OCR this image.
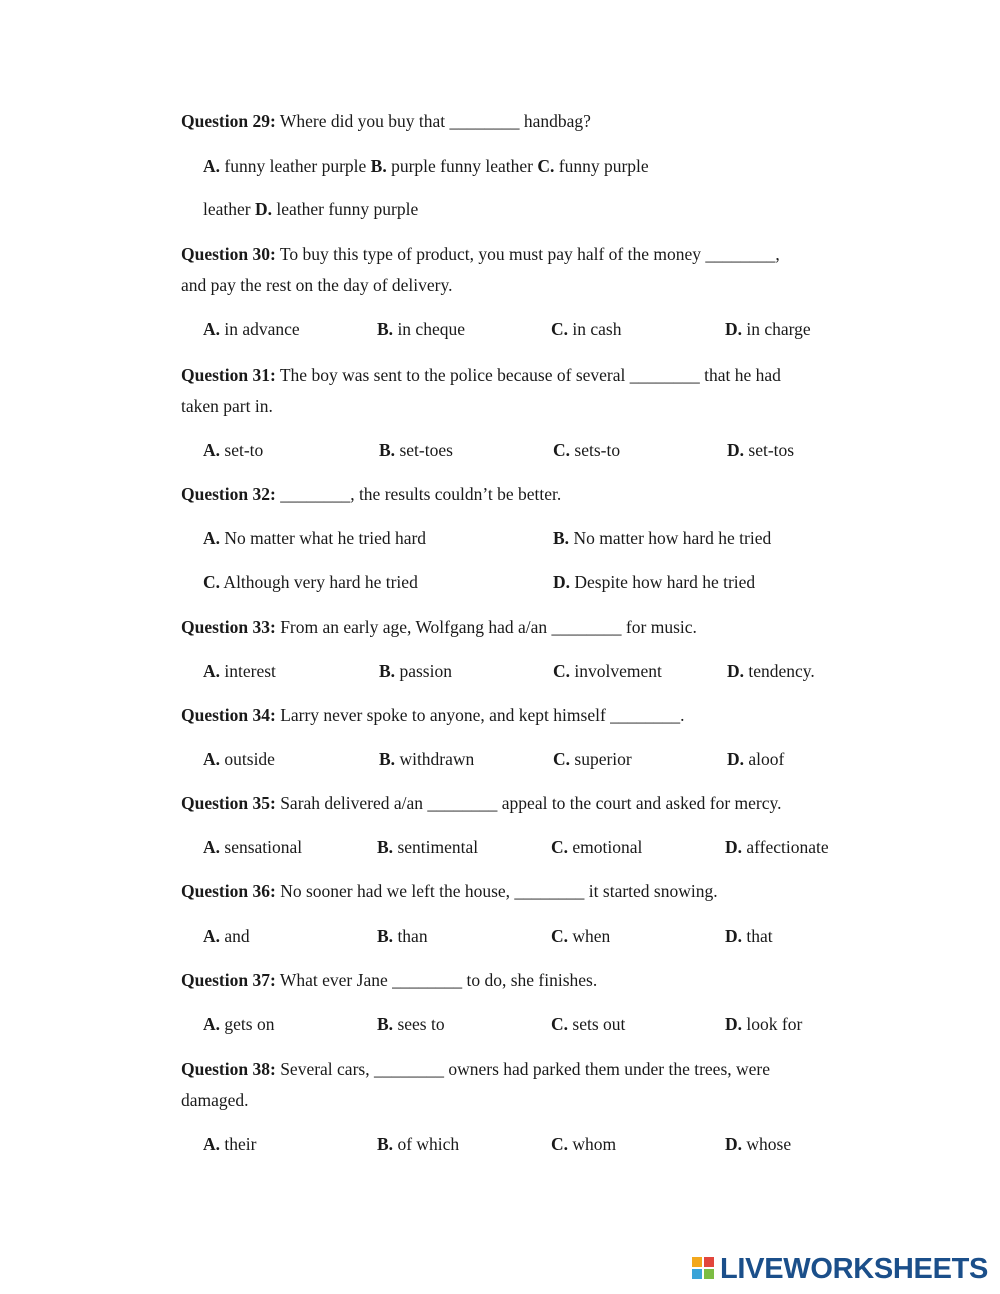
Question 29: Where did you buy that ________ handbag?
A. funny leather purple B. purple funny leather C. funny purple
leather D. leather funny purple
Question 30: To buy this type of product, you must pay half of the money ________,
and pay the rest on the day of delivery.
A. in advance	B. in cheque	C. in cash	D. in charge
Question 31: The boy was sent to the police because of several ________ that he had
taken part in.
A. set-to	B. set-toes	C. sets-to	D. set-tos
Question 32: ________, the results couldn’t be better.
A. No matter what he tried hard	B. No matter how hard he tried
C. Although very hard he tried	D. Despite how hard he tried
Question 33: From an early age, Wolfgang had a/an ________ for music.
A. interest	B. passion	C. involvement	D. tendency.
Question 34: Larry never spoke to anyone, and kept himself ________.
A. outside	B. withdrawn	C. superior	D. aloof
Question 35: Sarah delivered a/an ________ appeal to the court and asked for mercy.
A. sensational	B. sentimental	C. emotional	D. affectionate
Question 36: No sooner had we left the house, ________ it started snowing.
A. and	B. than	C. when	D. that
Question 37: What ever Jane ________ to do, she finishes.
A. gets on	B. sees to	C. sets out	D. look for
Question 38: Several cars, ________ owners had parked them under the trees, were
damaged.
A. their	B. of which	C. whom	D. whose
LIVEWORKSHEETS
